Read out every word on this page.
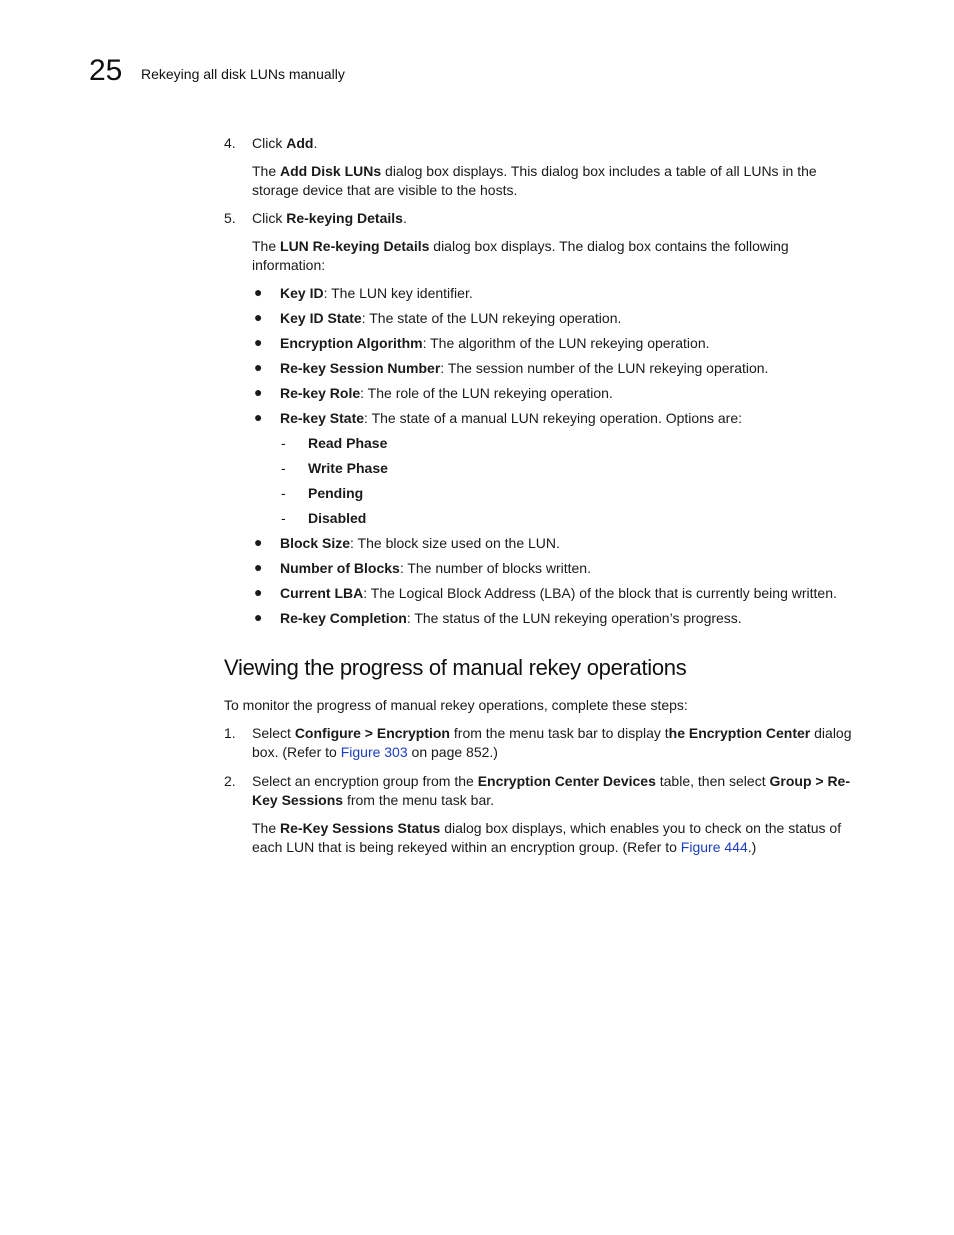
25 Rekeying all disk LUNs manually
4. Click Add.
The Add Disk LUNs dialog box displays. This dialog box includes a table of all LUNs in the storage device that are visible to the hosts.
5. Click Re-keying Details.
The LUN Re-keying Details dialog box displays. The dialog box contains the following information:
● Key ID: The LUN key identifier.
● Key ID State: The state of the LUN rekeying operation.
● Encryption Algorithm: The algorithm of the LUN rekeying operation.
● Re-key Session Number: The session number of the LUN rekeying operation.
● Re-key Role: The role of the LUN rekeying operation.
● Re-key State: The state of a manual LUN rekeying operation. Options are:
- Read Phase
- Write Phase
- Pending
- Disabled
● Block Size: The block size used on the LUN.
● Number of Blocks: The number of blocks written.
● Current LBA: The Logical Block Address (LBA) of the block that is currently being written.
● Re-key Completion: The status of the LUN rekeying operation’s progress.
Viewing the progress of manual rekey operations
To monitor the progress of manual rekey operations, complete these steps:
1. Select Configure > Encryption from the menu task bar to display the Encryption Center dialog box. (Refer to Figure 303 on page 852.)
2. Select an encryption group from the Encryption Center Devices table, then select Group > Re-Key Sessions from the menu task bar.
The Re-Key Sessions Status dialog box displays, which enables you to check on the status of each LUN that is being rekeyed within an encryption group. (Refer to Figure 444.)
